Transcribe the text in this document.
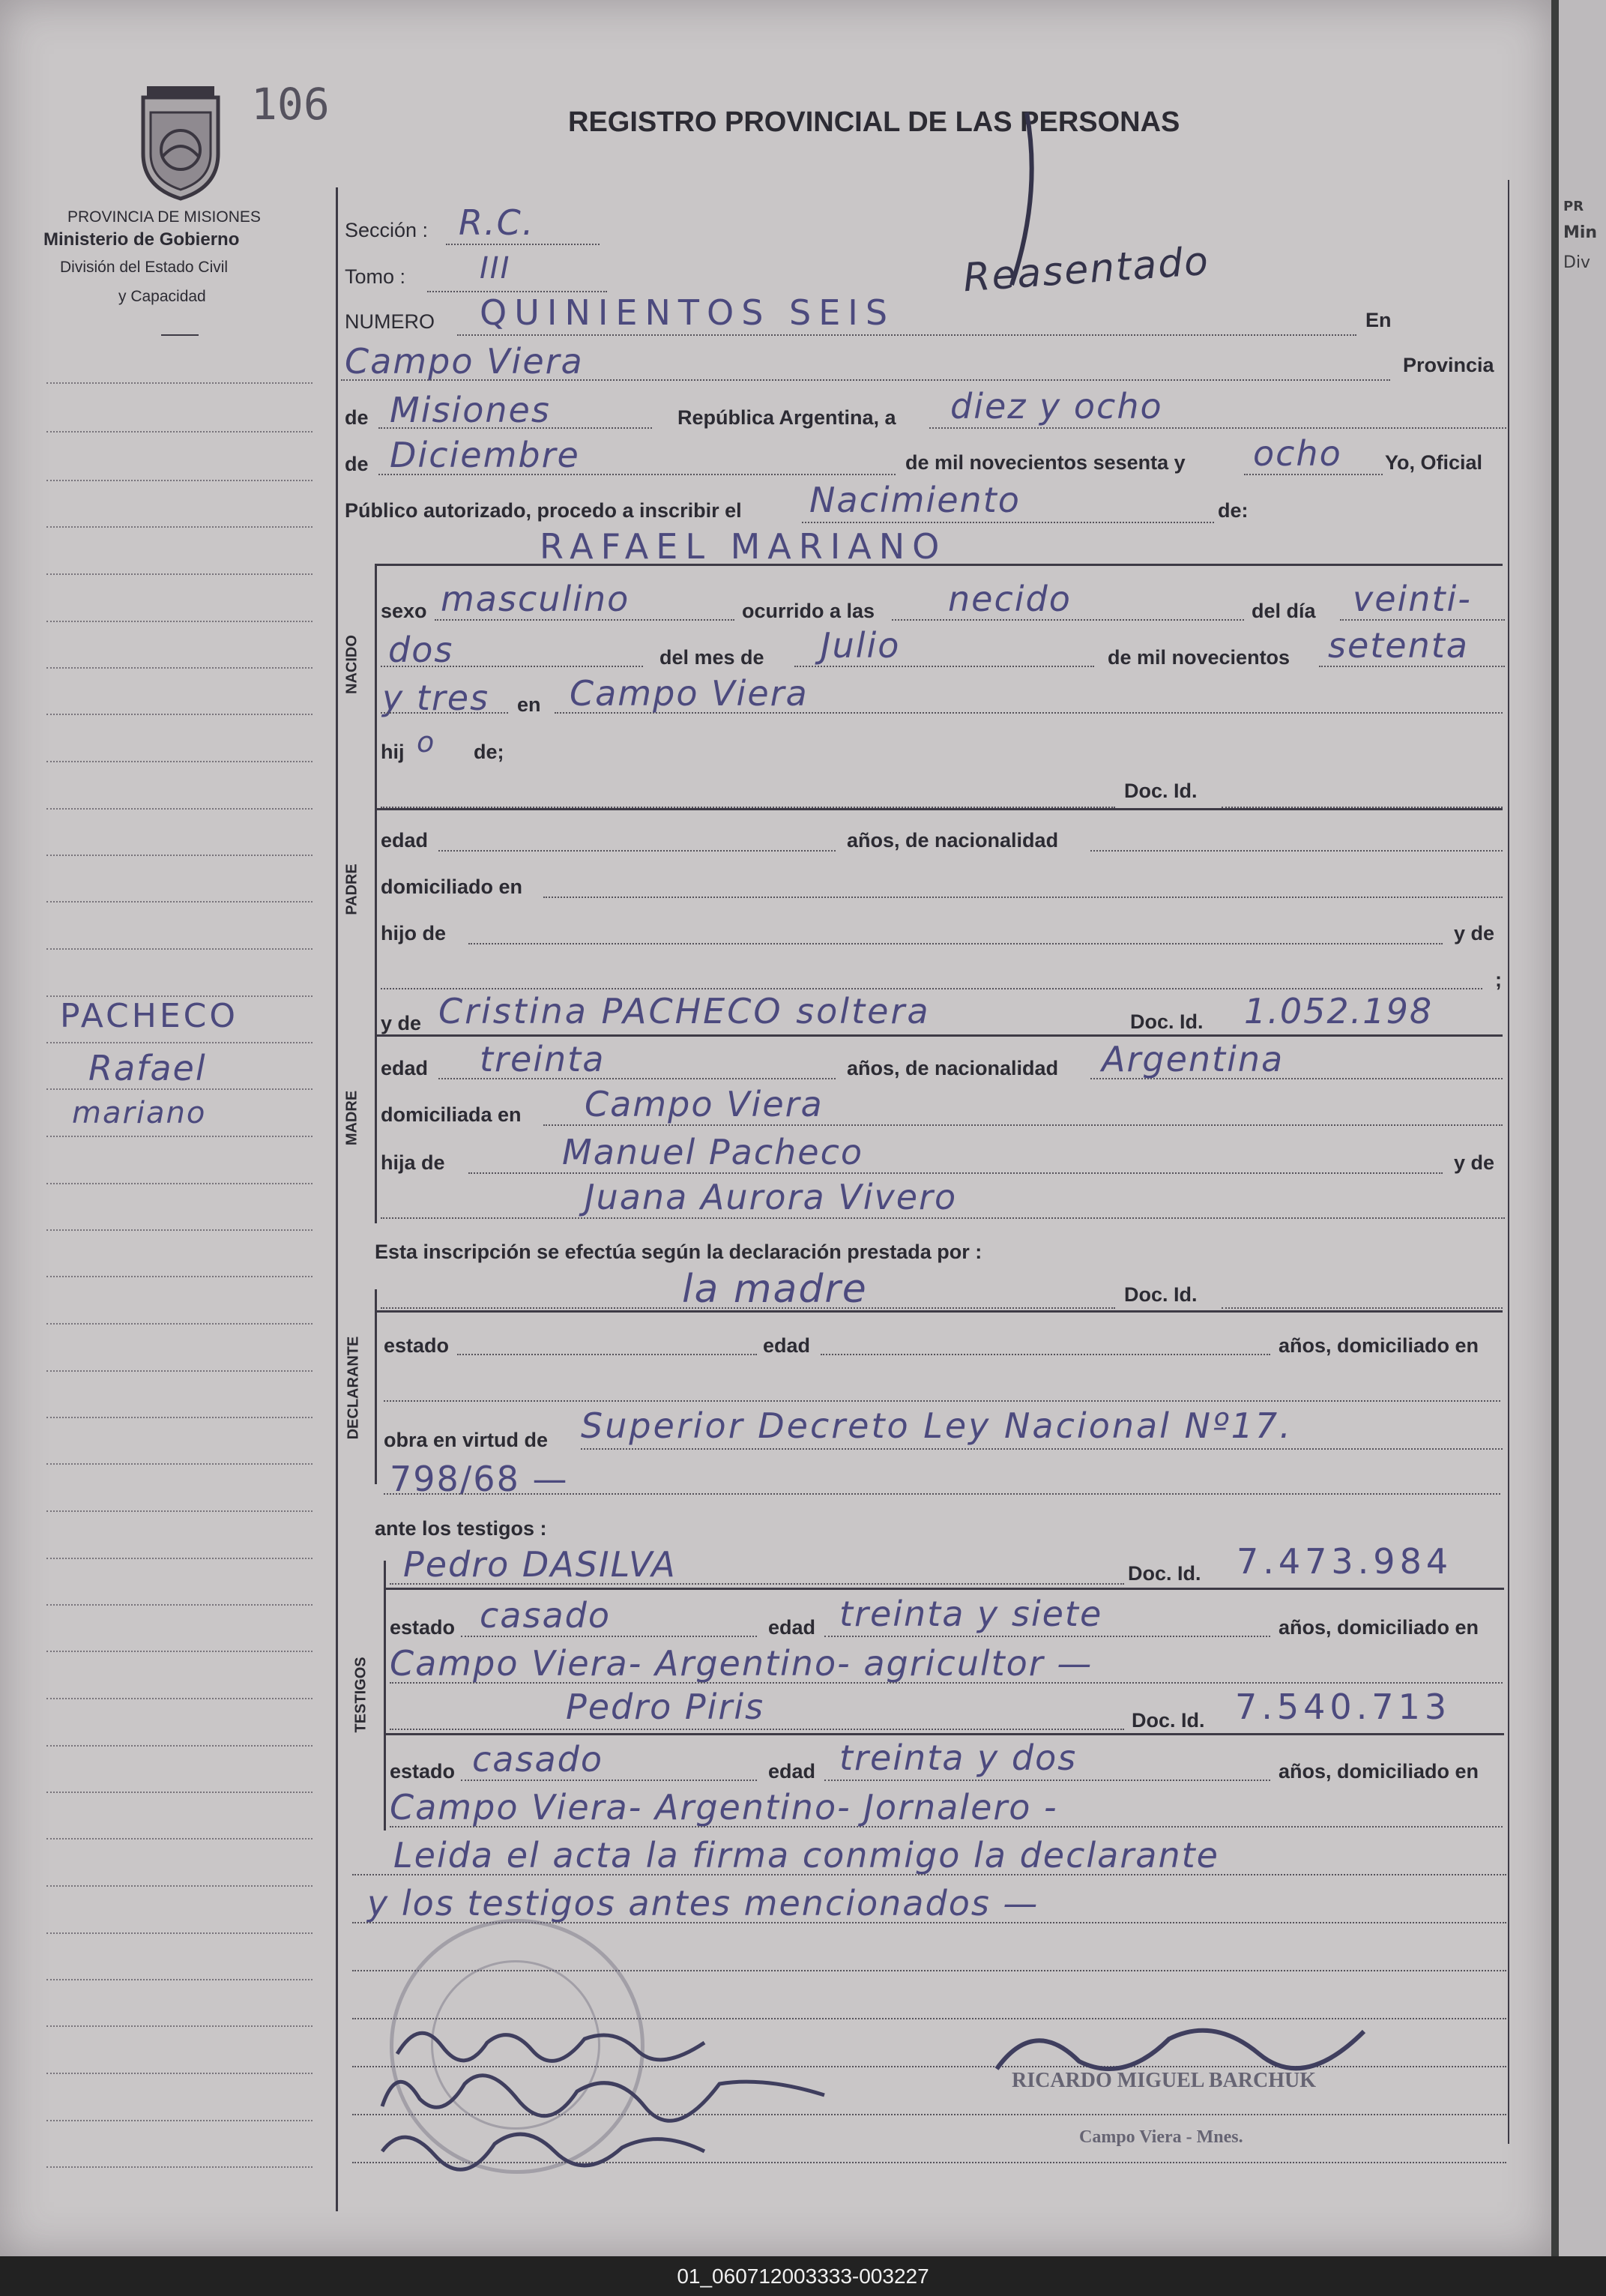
106	REGISTRO PROVINCIAL DE LAS PERSONAS
PROVINCIA DE MISIONES
Ministerio de Gobierno
División del Estado Civil
y Capacidad
PACHECO
Rafael
mariano
Sección : R.C.
Tomo : III	Reasentado
NUMERO QUINIENTOS SEIS	En
Campo Viera	Provincia
de Misiones	República Argentina, a diez y ocho
de Diciembre	de mil novecientos sesenta y ocho Yo, Oficial
Público autorizado, procedo a inscribir el Nacimiento	de:
RAFAEL MARIANO
NACIDO
sexo masculino	ocurrido a las necido	del día veinti-
dos	del mes de Julio	de mil novecientos setenta
y tres en Campo Viera
hij o de;
PADRE
Doc. Id.
edad	años, de nacionalidad
domiciliado en
hijo de	y de
;
y de Cristina PACHECO soltera	Doc. Id. 1.052.198
MADRE
edad treinta	años, de nacionalidad Argentina
domiciliada en Campo Viera
hija de	Manuel Pacheco	y de
Juana Aurora Vivero
Esta inscripción se efectúa según la declaración prestada por :
la madre	Doc. Id.
DECLARANTE estado	edad	años, domiciliado en
obra en virtud de Superior Decreto Ley Nacional Nº17.
798/68 —
ante los testigos :
Pedro DASILVA	Doc. Id. 7.473.984
TESTIGOS
estado casado	edad treinta y siete	años, domiciliado en
Campo Viera- Argentino- agricultor —
Pedro Piris	Doc. Id. 7.540.713
estado casado	edad treinta y dos	años, domiciliado en
Campo Viera- Argentino- Jornalero -
Leida el acta la firma conmigo la declarante
y los testigos antes mencionados —
RICARDO MIGUEL BARCHUK
Campo Viera - Mnes.
PR
Min
Div
01_060712003333-003227
